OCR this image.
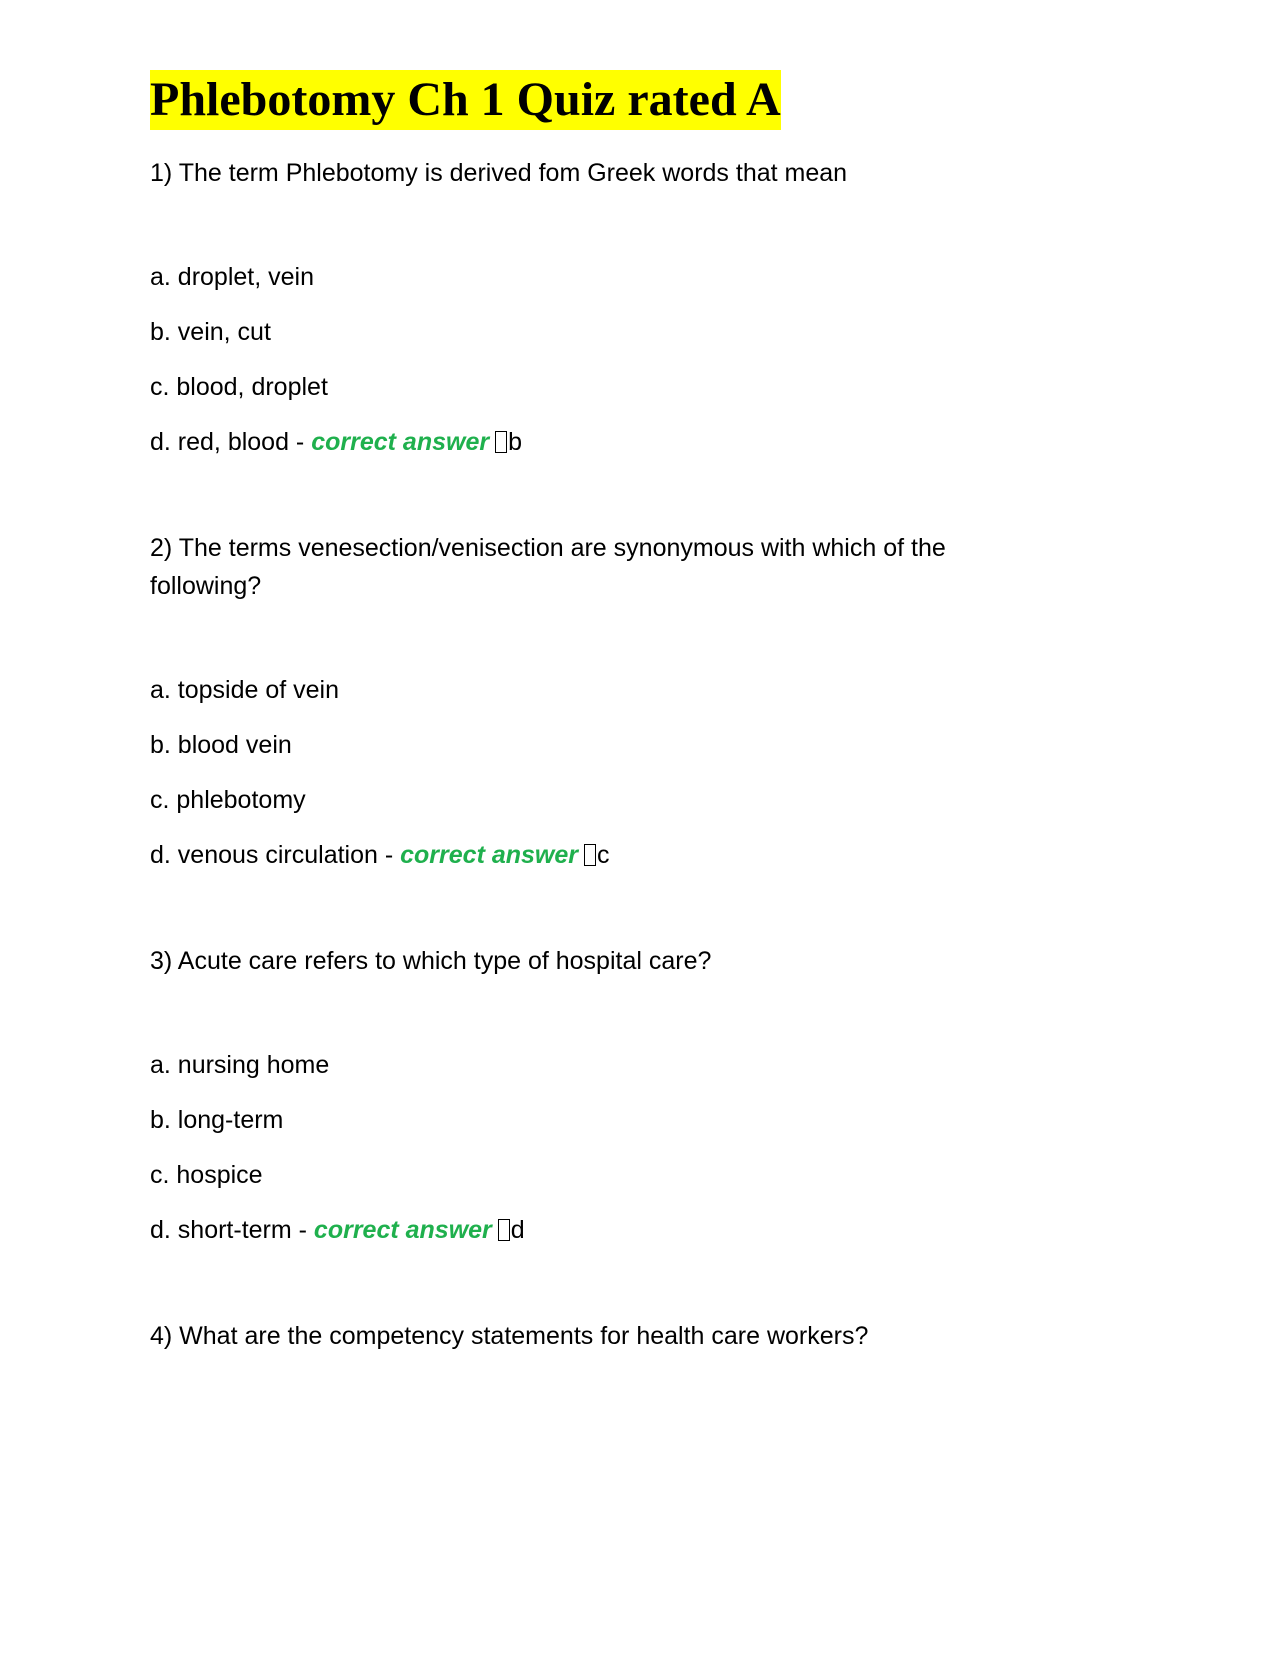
Phlebotomy Ch 1 Quiz rated A

1) The term Phlebotomy is derived fom Greek words that mean

a. droplet, vein

b. vein, cut

c. blood, droplet

d. red, blood - correct answer b

2) The terms venesection/venisection are synonymous with which of the
following?

a. topside of vein

b. blood vein

c. phlebotomy

d. venous circulation - correct answer c

3) Acute care refers to which type of hospital care?

a. nursing home

b. long-term

c. hospice

d. short-term - correct answer d

4) What are the competency statements for health care workers?
